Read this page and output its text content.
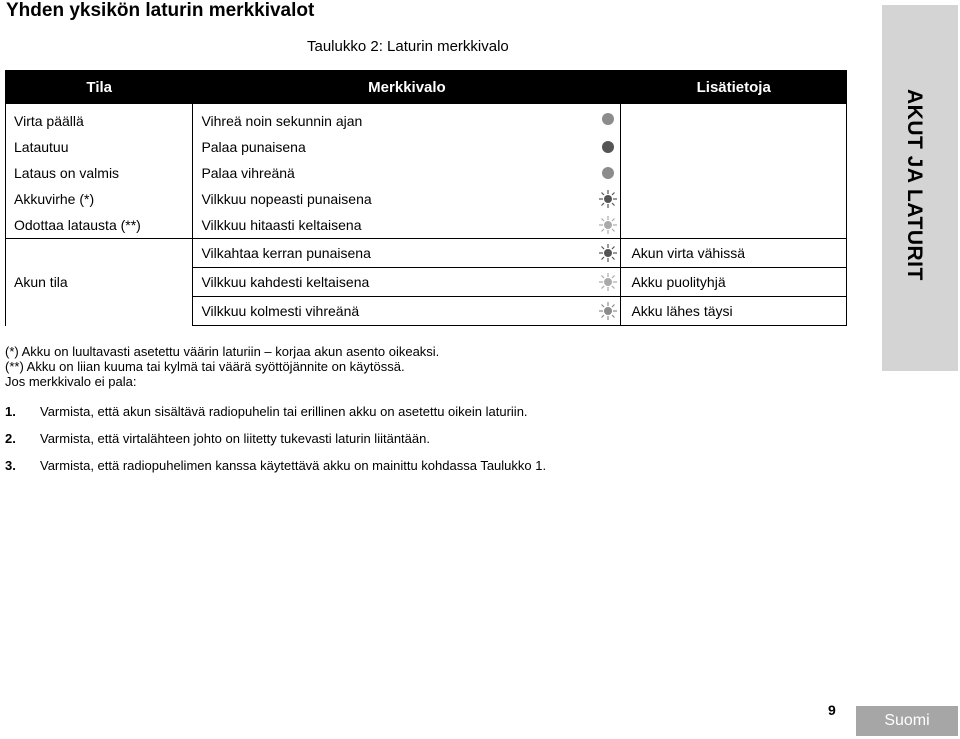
Yhden yksikön laturin merkkivalot
Taulukko 2: Laturin merkkivalo
AKUT JA LATURIT
Tila	Merkkivalo	Lisätietoja
Virta päällä	Vihreä noin sekunnin ajan

Latautuu	Palaa punaisena

Lataus on valmis	Palaa vihreänä

Akkuvirhe (*)	Vilkkuu nopeasti punaisena

Odottaa latausta (**)	Vilkkuu hitaasti keltaisena

Akun tila	Vilkahtaa kerran punaisena	Akun virta vähissä
	Vilkkuu kahdesti keltaisena	Akku puolityhjä
	Vilkkuu kolmesti vihreänä	Akku lähes täysi

(*) Akku on luultavasti asetettu väärin laturiin – korjaa akun asento oikeaksi.

(**) Akku on liian kuuma tai kylmä tai väärä syöttöjännite on käytössä.

Jos merkkivalo ei pala:

1.	Varmista, että akun sisältävä radiopuhelin tai erillinen akku on asetettu oikein laturiin.
2.	Varmista, että virtalähteen johto on liitetty tukevasti laturin liitäntään.
3.	Varmista, että radiopuhelimen kanssa käytettävä akku on mainittu kohdassa Taulukko 1.
9
Suomi
